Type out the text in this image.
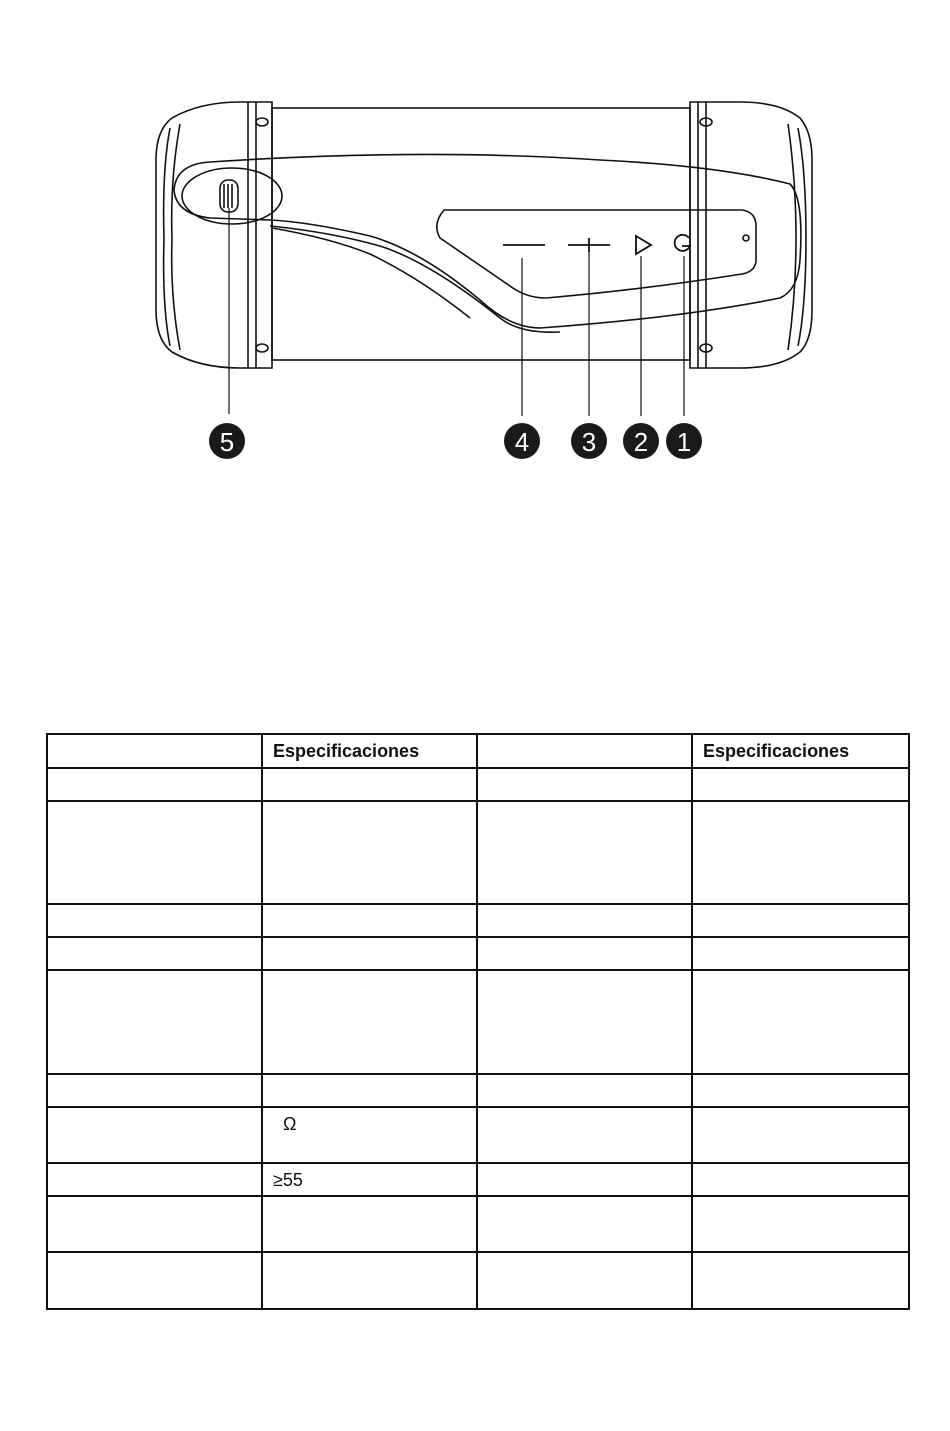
5	4 3 2 1
	Especificaciones		Especificaciones

	Ω		
	≥55		
